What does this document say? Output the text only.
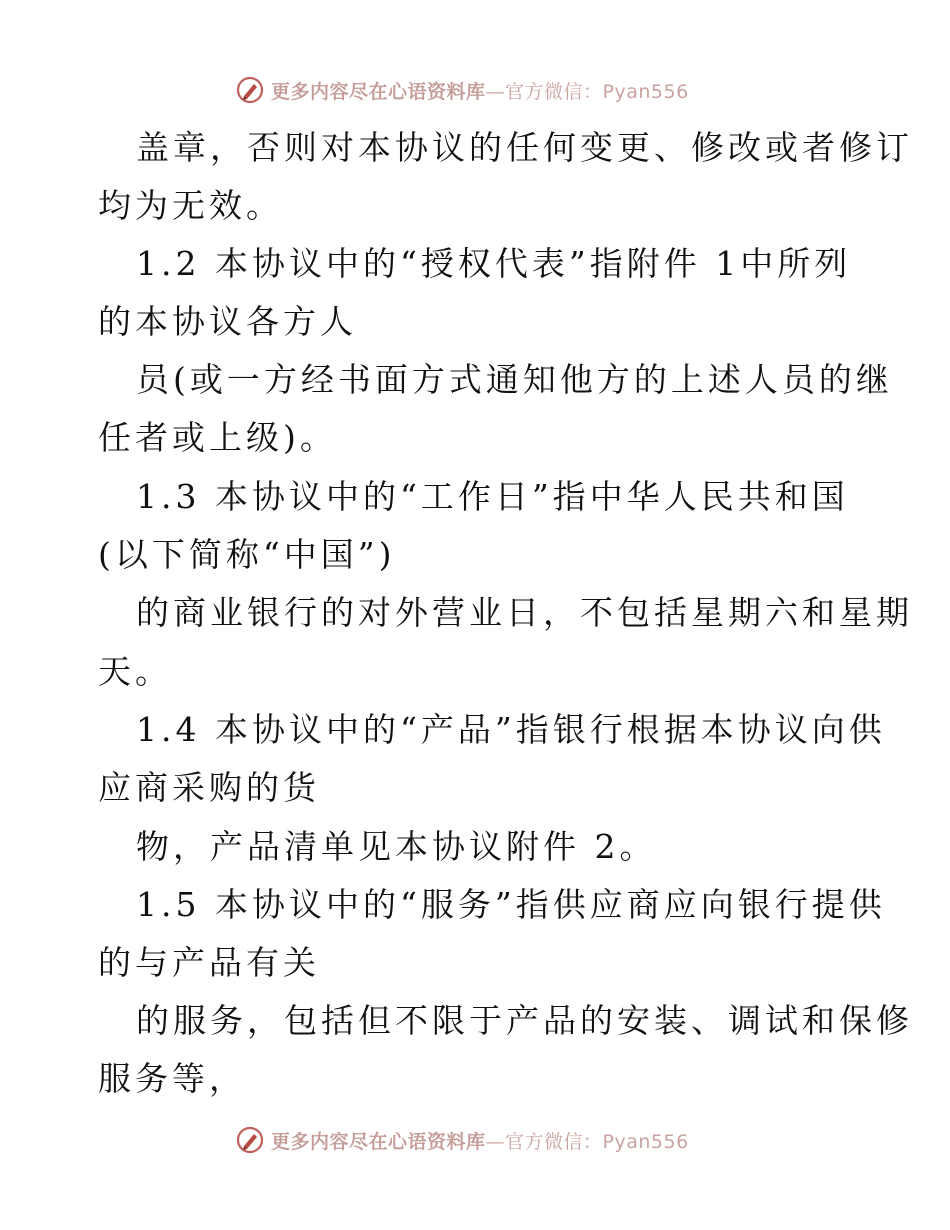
更多内容尽在心语资料库—官方微信：Pyan556
盖章，否则对本协议的任何变更、修改或者修订
均为无效。
1.2 本协议中的“授权代表”指附件 1中所列
的本协议各方人
员(或一方经书面方式通知他方的上述人员的继
任者或上级)。
1.3 本协议中的“工作日”指中华人民共和国
(以下简称“中国”)
的商业银行的对外营业日，不包括星期六和星期
天。
1.4 本协议中的“产品”指银行根据本协议向供
应商采购的货
物，产品清单见本协议附件 2。
1.5 本协议中的“服务”指供应商应向银行提供
的与产品有关
的服务，包括但不限于产品的安装、调试和保修
服务等，
更多内容尽在心语资料库—官方微信：Pyan556
